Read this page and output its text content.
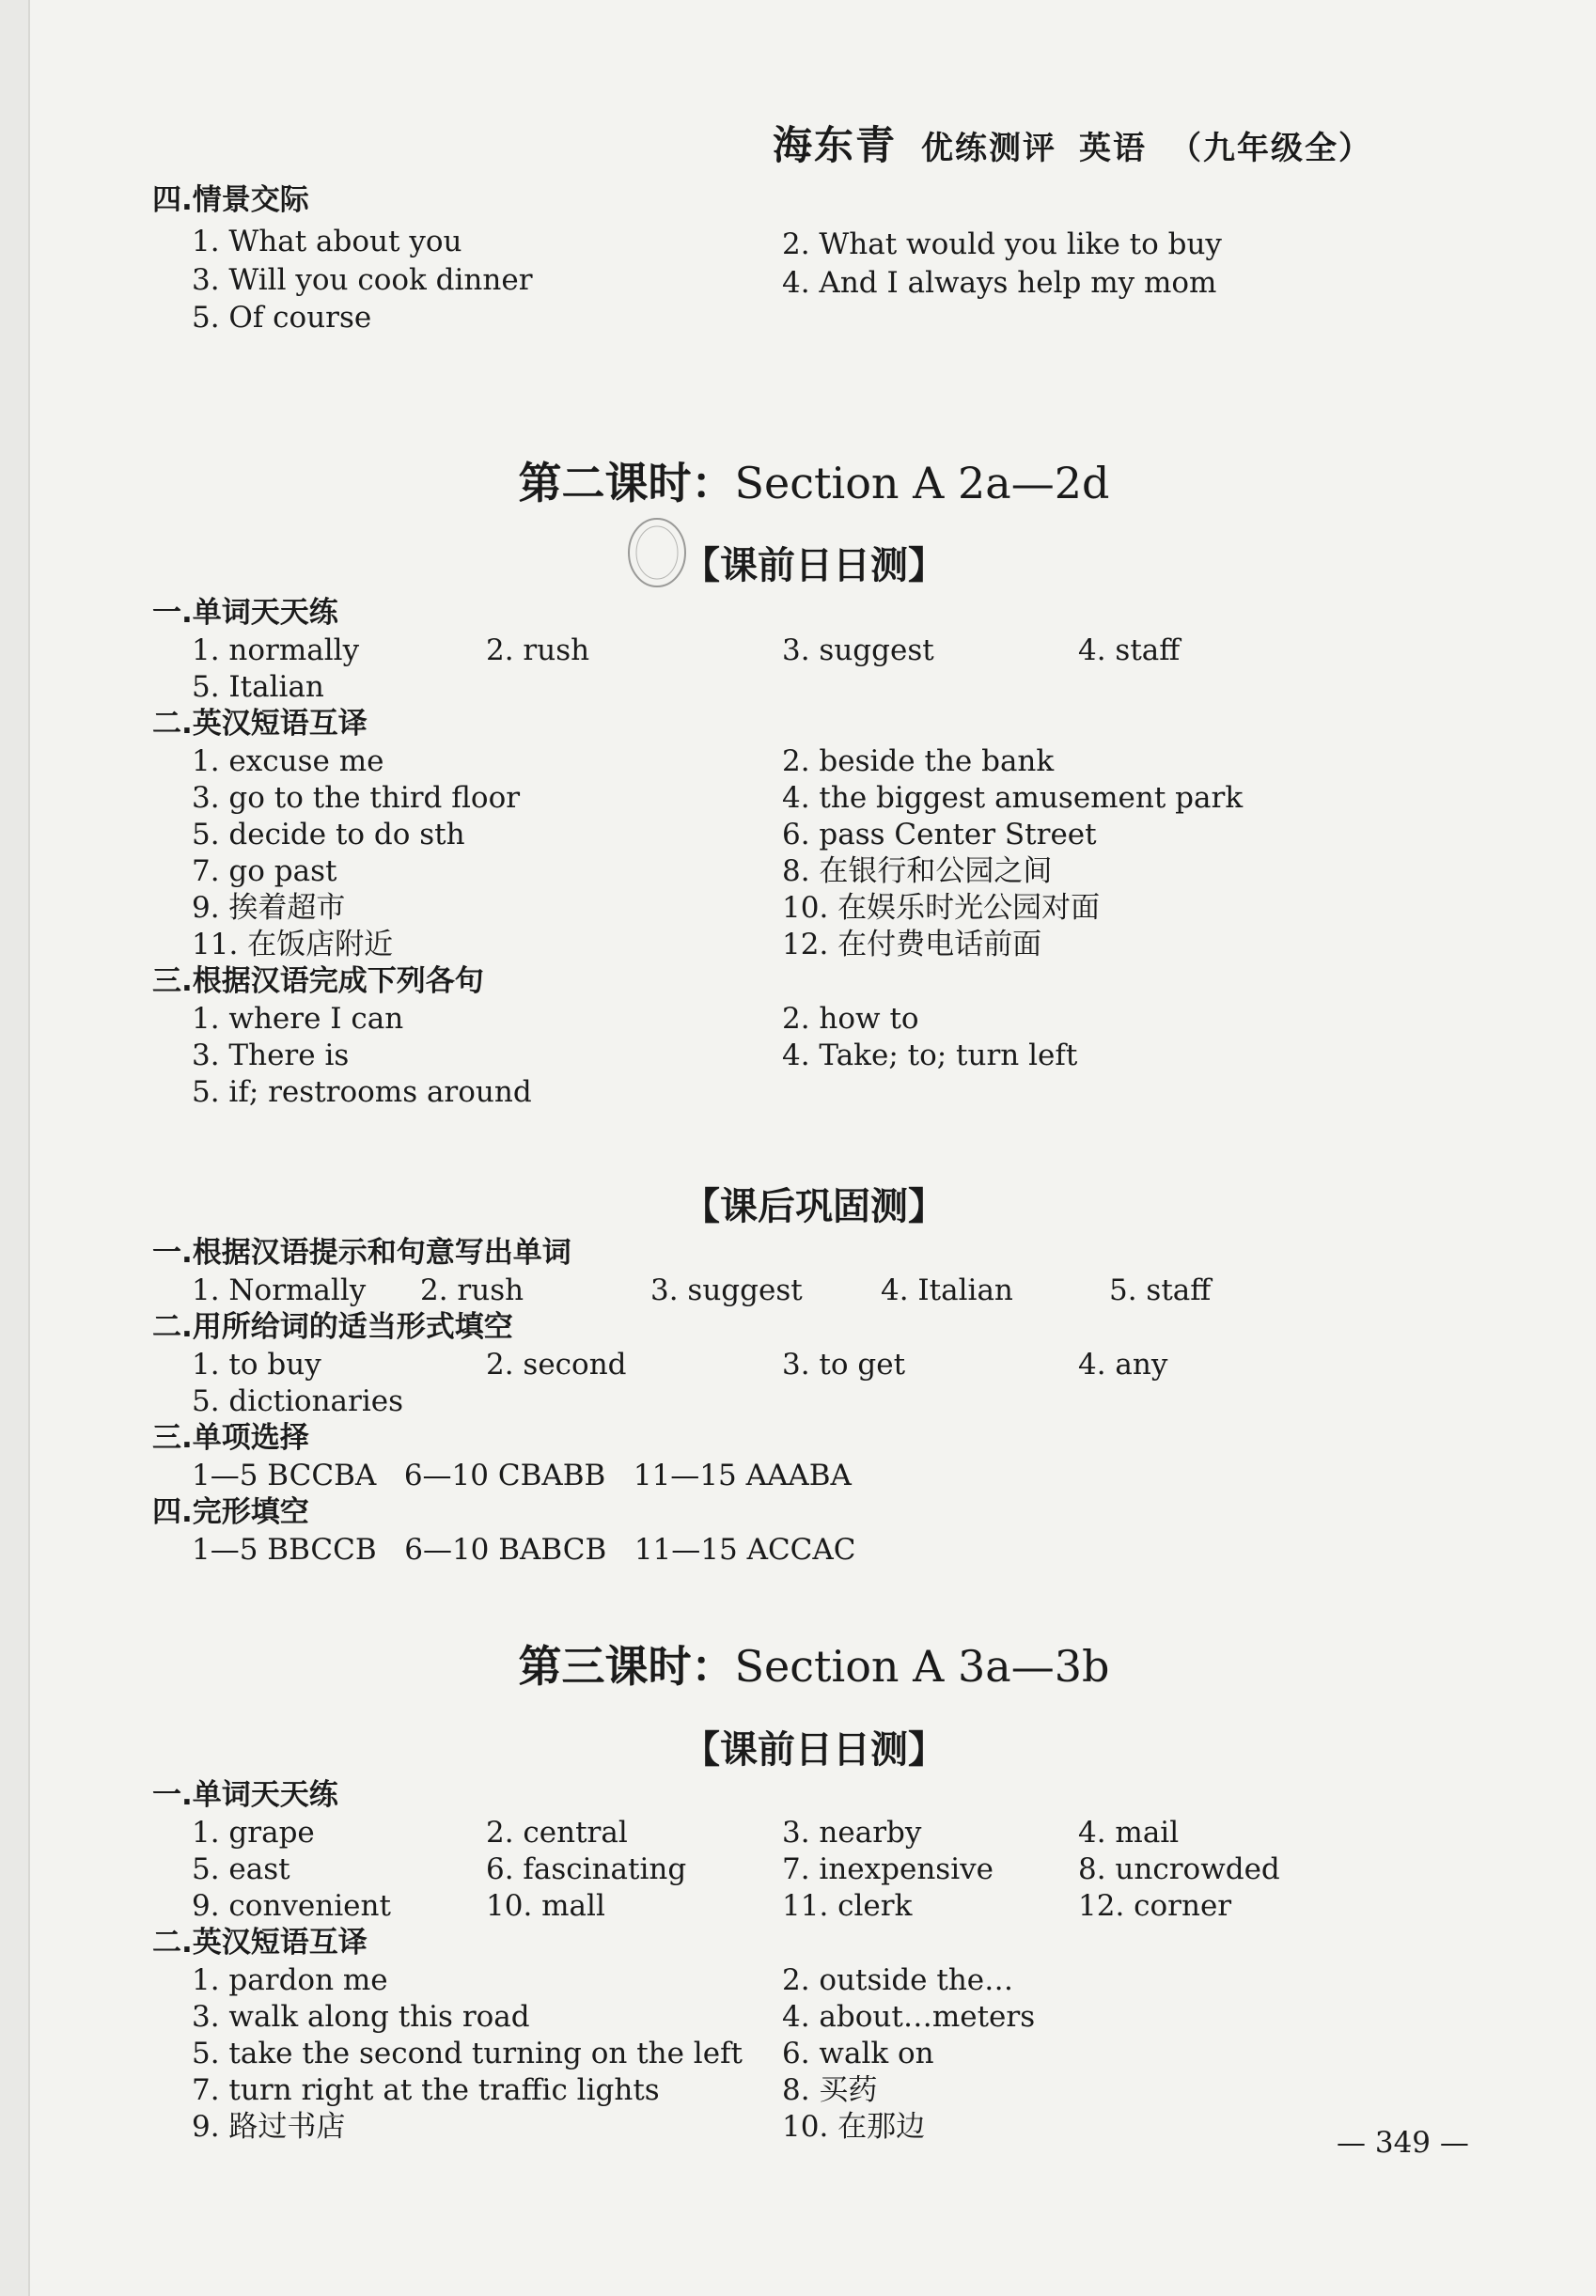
海东青 优练测评 英语 （九年级全）
四.情景交际
1. What about you	2. What would you like to buy
3. Will you cook dinner	4. And I always help my mom
5. Of course
第二课时：Section A 2a—2d
【课前日日测】
一.单词天天练
1. normally	2. rush	3. suggest	4. staff
5. Italian
二.英汉短语互译
1. excuse me	2. beside the bank
3. go to the third floor	4. the biggest amusement park
5. decide to do sth	6. pass Center Street
7. go past	8. 在银行和公园之间
9. 挨着超市	10. 在娱乐时光公园对面
11. 在饭店附近	12. 在付费电话前面
三.根据汉语完成下列各句
1. where I can	2. how to
3. There is	4. Take; to; turn left
5. if; restrooms around
【课后巩固测】
一.根据汉语提示和句意写出单词
1. Normally 2. rush	3. suggest	4. Italian	5. staff
二.用所给词的适当形式填空
1. to buy	2. second	3. to get	4. any
5. dictionaries
三.单项选择
1—5 BCCBA   6—10 CBABB   11—15 AAABA
四.完形填空
1—5 BBCCB   6—10 BABCB   11—15 ACCAC
第三课时：Section A 3a—3b
【课前日日测】
一.单词天天练
1. grape	2. central	3. nearby	4. mail
5. east	6. fascinating	7. inexpensive	8. uncrowded
9. convenient	10. mall	11. clerk	12. corner
二.英汉短语互译
1. pardon me	2. outside the…
3. walk along this road	4. about…meters
5. take the second turning on the left 6. walk on
7. turn right at the traffic lights	8. 买药
9. 路过书店	10. 在那边	— 349 —
